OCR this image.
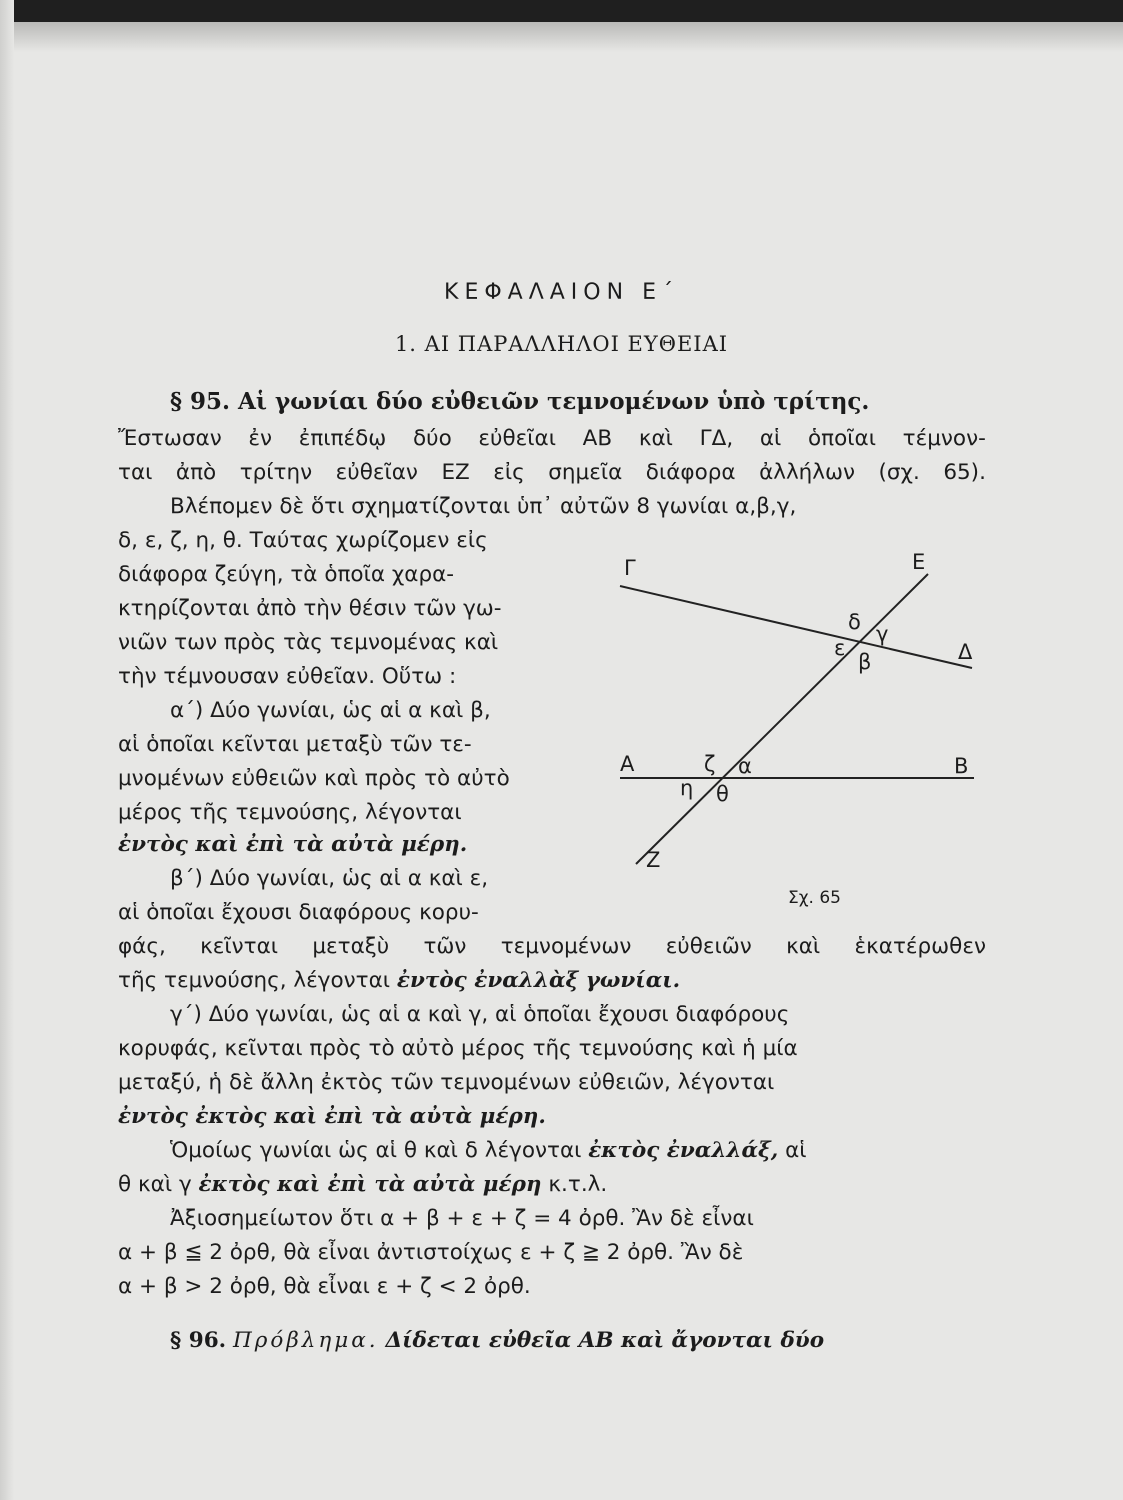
ΚΕΦΑΛΑΙΟΝ Ε΄
1. ΑΙ ΠΑΡΑΛΛΗΛΟΙ ΕΥΘΕΙΑΙ
§ 95. Αἱ γωνίαι δύο εὐθειῶν τεμνομένων ὑπὸ τρίτης.
Ἔστωσαν ἐν ἐπιπέδῳ δύο εὐθεῖαι ΑΒ καὶ ΓΔ, αἱ ὁποῖαι τέμνον-
ται ἀπὸ τρίτην εὐθεῖαν ΕΖ εἰς σημεῖα διάφορα ἀλλήλων (σχ. 65).
Βλέπομεν δὲ ὅτι σχηματίζονται ὑπ᾽ αὐτῶν 8 γωνίαι α,β,γ,
δ, ε, ζ, η, θ. Ταύτας χωρίζομεν εἰς
διάφορα ζεύγη, τὰ ὁποῖα χαρα-
κτηρίζονται ἀπὸ τὴν θέσιν τῶν γω-
νιῶν των πρὸς τὰς τεμνομένας καὶ
τὴν τέμνουσαν εὐθεῖαν. Οὕτω :
α΄) Δύο γωνίαι, ὡς αἱ α καὶ β,
αἱ ὁποῖαι κεῖνται μεταξὺ τῶν τε-
μνομένων εὐθειῶν καὶ πρὸς τὸ αὐτὸ
μέρος τῆς τεμνούσης, λέγονται
ἐντὸς καὶ ἐπὶ τὰ αὐτὰ μέρη.
β΄) Δύο γωνίαι, ὡς αἱ α καὶ ε,
αἱ ὁποῖαι ἔχουσι διαφόρους κορυ-
φάς, κεῖνται μεταξὺ τῶν τεμνομένων εὐθειῶν καὶ ἑκατέρωθεν
τῆς τεμνούσης, λέγονται ἐντὸς ἐναλλὰξ γωνίαι.
γ΄) Δύο γωνίαι, ὡς αἱ α καὶ γ, αἱ ὁποῖαι ἔχουσι διαφόρους
κορυφάς, κεῖνται πρὸς τὸ αὐτὸ μέρος τῆς τεμνούσης καὶ ἡ μία
μεταξύ, ἡ δὲ ἄλλη ἐκτὸς τῶν τεμνομένων εὐθειῶν, λέγονται
ἐντὸς ἐκτὸς καὶ ἐπὶ τὰ αὐτὰ μέρη.
Ὁμοίως γωνίαι ὡς αἱ θ καὶ δ λέγονται ἐκτὸς ἐναλλάξ, αἱ
θ καὶ γ ἐκτὸς καὶ ἐπὶ τὰ αὐτὰ μέρη κ.τ.λ.
Ἀξιοσημείωτον ὅτι α + β + ε + ζ = 4 ὀρθ. Ἂν δὲ εἶναι
α + β ≦ 2 ὀρθ, θὰ εἶναι ἀντιστοίχως ε + ζ ≧ 2 ὀρθ. Ἂν δὲ
α + β > 2 ὀρθ, θὰ εἶναι ε + ζ < 2 ὀρθ.
§ 96. Πρόβλημα. Δίδεται εὐθεῖα ΑΒ καὶ ἄγονται δύο
Γ	Ε
Δ
Α	Β
Ζ
δ γ
ε
β
ζ α
η θ
Σχ. 65
